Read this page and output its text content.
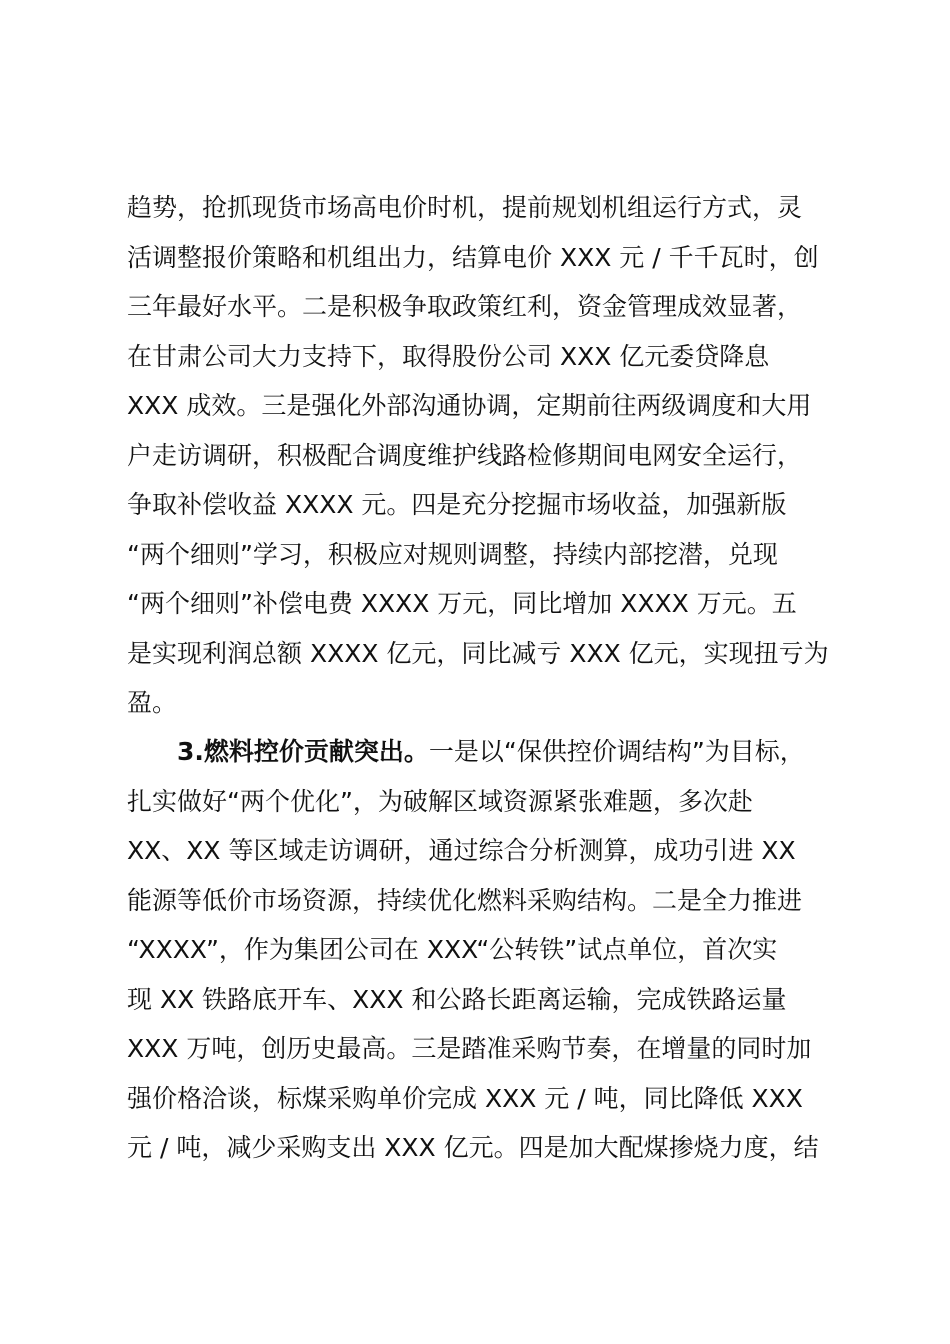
趋势，抢抓现货市场高电价时机，提前规划机组运行方式，灵
活调整报价策略和机组出力，结算电价 XXX 元 / 千千瓦时，创
三年最好水平。二是积极争取政策红利，资金管理成效显著，
在甘肃公司大力支持下，取得股份公司 XXX 亿元委贷降息
XXX 成效。三是强化外部沟通协调，定期前往两级调度和大用
户走访调研，积极配合调度维护线路检修期间电网安全运行，
争取补偿收益 XXXX 元。四是充分挖掘市场收益，加强新版
“两个细则”学习，积极应对规则调整，持续内部挖潜，兑现
“两个细则”补偿电费 XXXX 万元，同比增加 XXXX 万元。五
是实现利润总额 XXXX 亿元，同比减亏 XXX 亿元，实现扭亏为
盈。
3.燃料控价贡献突出。一是以“保供控价调结构”为目标，
扎实做好“两个优化”，为破解区域资源紧张难题，多次赴
XX、XX 等区域走访调研，通过综合分析测算，成功引进 XX
能源等低价市场资源，持续优化燃料采购结构。二是全力推进
“XXXX”，作为集团公司在 XXX“公转铁”试点单位，首次实
现 XX 铁路底开车、XXX 和公路长距离运输，完成铁路运量
XXX 万吨，创历史最高。三是踏准采购节奏，在增量的同时加
强价格洽谈，标煤采购单价完成 XXX 元 / 吨，同比降低 XXX
元 / 吨，减少采购支出 XXX 亿元。四是加大配煤掺烧力度，结
